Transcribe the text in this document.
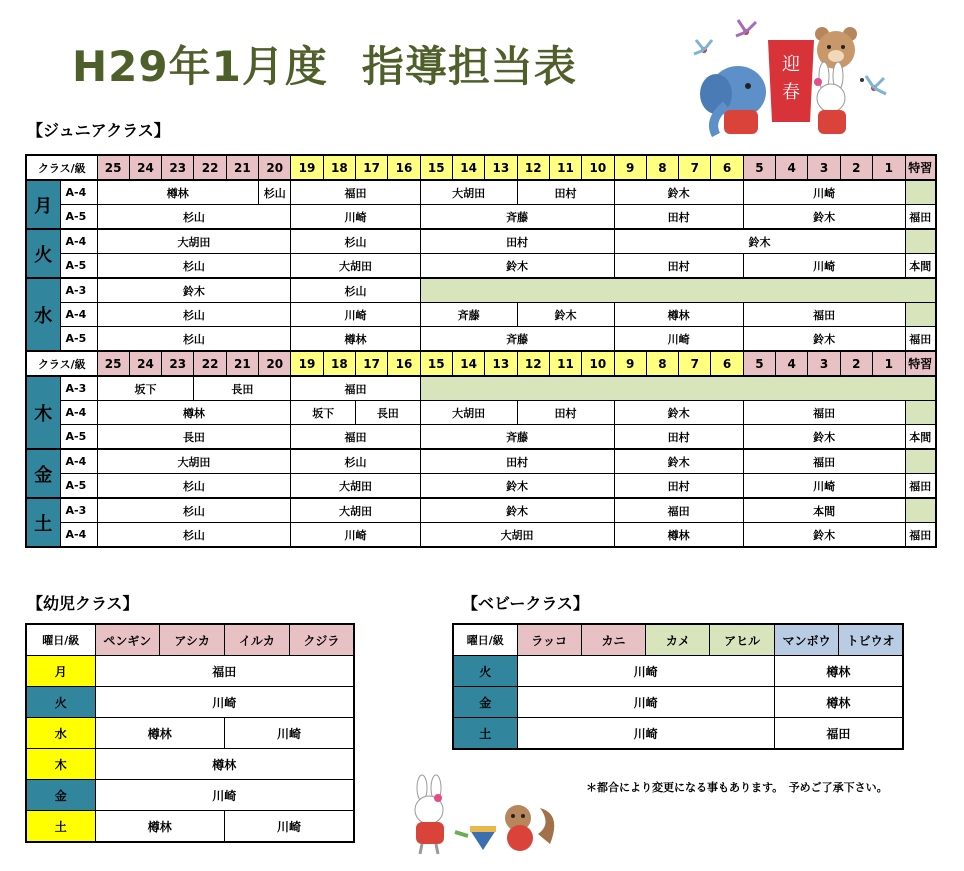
H29年1月度 指導担当表	迎
春
【ジュニアクラス】
クラス/級		25	24	23	22	21	20	19	18	17	16	15	14	13	12	11	10	9	8	7	6	5	4	3	2	1	特習
月	A-4	樽林					杉山	福田				大胡田			田村			鈴木				川崎					
	A-5	杉山						川崎				斉藤						田村				鈴木					福田
火	A-4	大胡田						杉山				田村						鈴木									
	A-5	杉山						大胡田				鈴木						田村				川崎					本間
水	A-3	鈴木						杉山																			
	A-4	杉山						川崎				斉藤			鈴木			樽林				福田					
	A-5	杉山						樽林				斉藤						川崎				鈴木					福田
クラス/級		25	24	23	22	21	20	19	18	17	16	15	14	13	12	11	10	9	8	7	6	5	4	3	2	1	特習
木	A-3	坂下			長田			福田																			
	A-4	樽林						坂下		長田		大胡田			田村			鈴木				福田					
	A-5	長田						福田				斉藤						田村				鈴木					本間
金	A-4	大胡田						杉山				田村						鈴木				福田					
	A-5	杉山						大胡田				鈴木						田村				川崎					福田
土	A-3	杉山						大胡田				鈴木						福田				本間					
	A-4	杉山						川崎				大胡田						樽林				鈴木					福田
【幼児クラス】
曜日/級	ペンギン	アシカ	イルカ	クジラ
月	福田			
火	川崎			
水	樽林		川崎	
木	樽林			
金	川崎			
土	樽林		川崎	
【ベビークラス】
曜日/級	ラッコ	カニ	カメ	アヒル	マンボウ	トビウオ
火	川崎				樽林	
金	川崎				樽林	
土	川崎				福田	
＊都合により変更になる事もあります。　予めご了承下さい。
